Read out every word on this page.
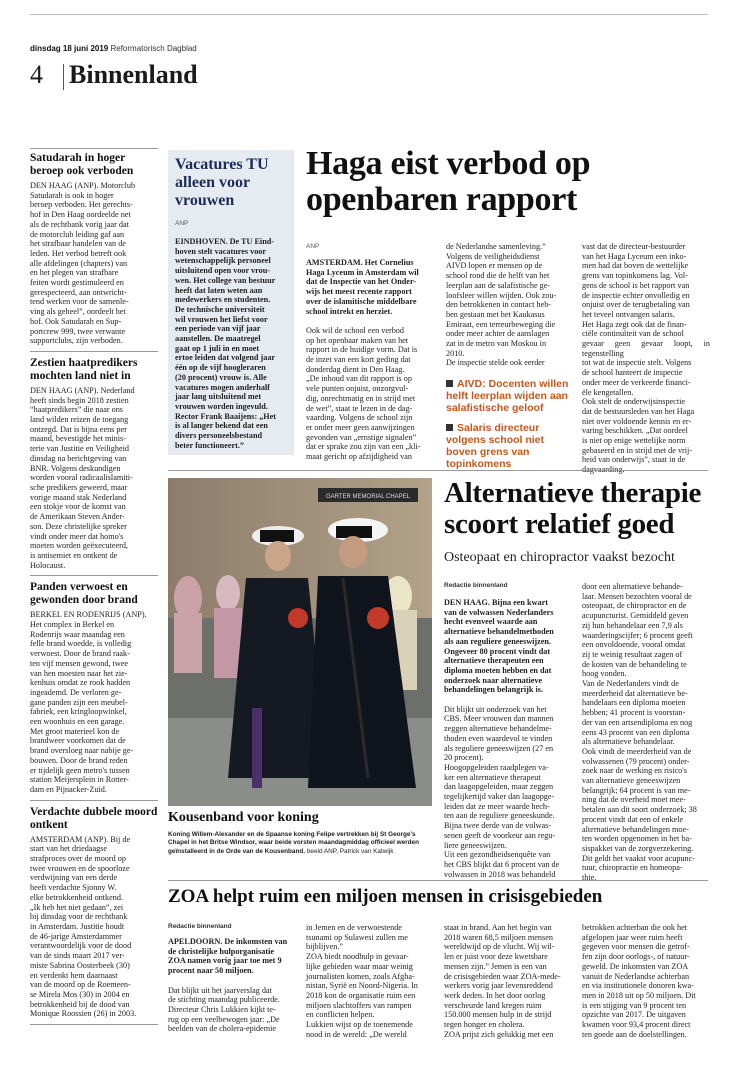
dinsdag 18 juni 2019 Reformatorisch Dagblad
4 Binnenland
Satudarah in hoger beroep ook verboden
DEN HAAG (ANP). Motorclub
Satudarah is ook in hoger
beroep verboden. Het gerechts-
hof in Den Haag oordeelde net
als de rechtbank vorig jaar dat
de motorclub leiding gaf aan
het strafbaar handelen van de
leden. Het verbod betreft ook
alle afdelingen (chapters) van
en het plegen van strafbare
feiten wordt gestimuleerd en
gerespecteerd, aan ontwricht-
tend werken voor de samenle-
ving als geheel”, oordeelt het
hof. Ook Satudarah en Sup-
portcrew 999, twee verwante
supportclubs, zijn verboden.
Zestien haatpredikers mochten land niet in
DEN HAAG (ANP). Nederland
heeft sinds begin 2018 zestien
“haatpredikers” die naar ons
land wilden reizen de toegang
ontzegd. Dat is bijna eens per
maand, bevestigde het minis-
terie van Justitie en Veiligheid
dinsdag na berichtgeving van
BNR. Volgens deskundigen
worden vooral radicaalislamiti-
sche predikers geweerd, maar
vorige maand stak Nederland
een stokje voor de komst van
de Amerikaan Steven Ander-
son. Deze christelijke spreker
vindt onder meer dat homo's
moeten worden geëxecuteerd,
is antisemiet en ontkent de
Holocaust.
Panden verwoest en gewonden door brand
BERKEL EN RODENRIJS (ANP).
Het complex in Berkel en
Rodenrijs waar maandag een
felle brand woedde, is volledig
verwoest. Door de brand raak-
ten vijf mensen gewond, twee
van hen moesten naar het zie-
kenhuis omdat ze rook hadden
ingeademd. De verloren ge-
gane panden zijn een meubel-
fabriek, een kringloopwinkel,
een woonhuis en een garage.
Met groot materieel kon de
brandweer voorkomen dat de
brand oversloeg naar nabije ge-
bouwen. Door de brand reden
er tijdelijk geen metro's tussen
station Meijersplein in Rotter-
dam en Pijnacker-Zuid.
Verdachte dubbele moord ontkent
AMSTERDAM (ANP). Bij de
start van het driedaagse
strafproces over de moord op
twee vrouwen en de spoorloze
verdwijning van een derde
heeft verdachte Sjonny W.
elke betrokkenheid ontkend.
„Ik heb het niet gedaan”, zei
bij dinsdag voor de rechtbank
in Amsterdam. Justitie houdt
de 46-jarige Amsterdammer
verantwoordelijk voor de dood
van de sinds maart 2017 ver-
miste Sabrina Oosterbeek (30)
en verdenkt hem daarnaast
van de moord op de Roemeen-
se Mirela Mos (30) in 2004 en
betrokkenheid bij de dood van
Monique Roossien (26) in 2003.
Vacatures TU alleen voor vrouwen
ANP
EINDHOVEN. De TU Eind-
hoven stelt vacatures voor
wetenschappelijk personeel
uitsluitend open voor vrou-
wen. Het college van bestuur
heeft dat laten weten aan
medewerkers en studenten.
De technische universiteit
wil vrouwen het liefst voor
een periode van vijf jaar
aanstellen. De maatregel
gaat op 1 juli in en moet
ertoe leiden dat volgend jaar
één op de vijf hoogleraren
(20 procent) vrouw is. Alle
vacatures mogen anderhalf
jaar lang uitsluitend met
vrouwen worden ingevuld.
Rector Frank Baaijens: „Het
is al langer bekend dat een
divers personeelsbestand
beter functioneert.”
Haga eist verbod op
openbaren rapport
ANP
AMSTERDAM. Het Cornelius
Haga Lyceum in Amsterdam wil
dat de Inspectie van het Onder-
wijs het meest recente rapport
over de islamitische middelbare
school intrekt en herziet.
Ook wil de school een verbod
op het openbaar maken van het
rapport in de huidige vorm. Dat is
de inzet van een kort geding dat
donderdag dient in Den Haag.
„De inhoud van dit rapport is op
vele punten onjuist, onzorgvul-
dig, onrechtmatig en in strijd met
de wet”, staat te lezen in de dag-
vaarding. Volgens de school zijn
er onder meer geen aanwijzingen
gevonden van „ernstige signalen”
dat er sprake zou zijn van een „kli-
maat gericht op afzijdigheid van
de Nederlandse samenleving.”
Volgens de veiligheidsdienst
AIVD lopen er mensen op de
school rond die de helft van het
leerplan aan de salafistische ge-
loofsleer willen wijden. Ook zou-
den betrokkenen in contact heb-
ben gestaan met het Kaukasus
Emiraat, een terreurbeweging die
onder meer achter de aanslagen
zat in de metro van Moskou in
2010.
De inspectie stelde ook eerder
AIVD: Docenten willen helft leerplan wijden aan salafistische geloof
Salaris directeur volgens school niet boven grens van topinkomens
vast dat de directeur-bestuurder
van het Haga Lyceum een inko-
men had dat boven de wettelijke
grens van topinkomens lag. Vol-
gens de school is het rapport van
de inspectie echter onvolledig en
onjuist over de terugbetaling van
het teveel ontvangen salaris.
Het Haga zegt ook dat de finan-
ciële continuïteit van de school
gevaar geen gevaar loopt, in tegenstelling
tot wat de inspectie stelt. Volgens
de school hanteert de inspectie
onder meer de verkeerde financi-
ële kengetallen.
Ook stelt de onderwijsinspectie
dat de bestuursleden van het Haga
niet over voldoende kennis en er-
varing beschikken. „Dat oordeel
is niet op enige wettelijke norm
gebaseerd en in strijd met de vrij-
heid van onderwijs”, staat in de
dagvaarding.
GARTER MEMORIAL CHAPEL
Kousenband voor koning
Koning Willem-Alexander en de Spaanse koning Felipe vertrekken bij St George's Chapel in het Britse Windsor, waar beide vorsten maandagmiddag officieel werden geïnstalleerd in de Orde van de Kousenband. beeld ANP, Patrick van Katwijk
Alternatieve therapie
scoort relatief goed
Osteopaat en chiropractor vaakst bezocht
Redactie binnenland
DEN HAAG. Bijna een kwart
van de volwassen Nederlanders
hecht evenveel waarde aan
alternatieve behandelmethoden
als aan reguliere geneeswijzen.
Ongeveer 80 procent vindt dat
alternatieve therapeuten een
diploma moeten hebben en dat
onderzoek naar alternatieve
behandelingen belangrijk is.
Dit blijkt uit onderzoek van het
CBS. Meer vrouwen dan mannen
zeggen alternatieve behandelme-
thoden even waardevol te vinden
als reguliere geneeswijzen (27 en
20 procent).
Hoogopgeleiden raadplegen va-
ker een alternatieve therapeut
dan laagopgeleiden, maar zeggen
tegelijkertijd vaker dan laagopge-
leiden dat ze meer waarde hech-
ten aan de reguliere geneeskunde.
Bijna twee derde van de volwas-
senen geeft de voorkeur aan regu-
liere geneeswijzen.
Uit een gezondheidsenquête van
het CBS blijkt dat 6 procent van de
volwassen in 2018 was behandeld
door een alternatieve behande-
laar. Mensen bezochten vooral de
osteopaat, de chiropractor en de
acupuncturist. Gemiddeld geven
zij hun behandelaar een 7,9 als
waarderingscijfer; 6 procent geeft
een onvoldoende, vooral omdat
zij te weinig resultaat zagen of
de kosten van de behandeling te
hoog vonden.
Van de Nederlanders vindt de
meerderheid dat alternatieve be-
handelaars een diploma moeten
hebben; 41 procent is voorstan-
der van een artsendiploma en nog
eens 43 procent van een diploma
als alternatieve behandelaar.
Ook vindt de meerderheid van de
volwassenen (79 procent) onder-
zoek naar de werking en risico's
van alternatieve geneeswijzen
belangrijk; 64 procent is van me-
ning dat de overheid moet mee-
betalen aan dit soort onderzoek; 38
procent vindt dat een of enkele
alternatieve behandelingen moe-
ten worden opgenomen in het ba-
sispakket van de zorgverzekering.
Dit geldt het vaakst voor acupunc-
tuur, chiropractie en homeopa-
thie.
ZOA helpt ruim een miljoen mensen in crisisgebieden
Redactie binnenland
APELDOORN. De inkomsten van
de christelijke hulporganisatie
ZOA namen vorig jaar toe met 9
procent naar 50 miljoen.
Dat blijkt uit het jaarverslag dat
de stichting maandag publiceerde.
Directeur Chris Lukkien kijkt te-
rug op een veelbewogen jaar: „De
beelden van de cholera-epidemie
in Jemen en de verwoestende
tsunami op Sulawesi zullen me
bijblijven.”
ZOA biedt noodhulp in gevaar-
lijke gebieden waar maar weinig
journalisten komen, zoals Afgha-
nistan, Syrië en Noord-Nigeria. In
2018 kon de organisatie ruim een
miljoen slachtoffers van rampen
en conflicten helpen.
Lukkien wijst op de toenemende
nood in de wereld: „De wereld
staat in brand. Aan het begin van
2018 waren 68,5 miljoen mensen
wereldwijd op de vlucht. Wij wil-
len er juist voor deze kwetsbare
mensen zijn.” Jemen is een van
de crisisgebieden waar ZOA-mede-
werkers vorig jaar levensreddend
werk deden. In het door oorlog
verscheurde land kregen ruim
150.000 mensen hulp in de strijd
tegen honger en cholera.
ZOA prijst zich gelukkig met een
betrokken achterban die ook het
afgelopen jaar weer ruim heeft
gegeven voor mensen die getrof-
fen zijn door oorlogs-, of natuur-
geweld. De inkomsten van ZOA
vanuit de Nederlandse achterban
en via institutionele donoren kwa-
men in 2018 uit op 50 miljoen. Dit
is een stijging van 9 procent ten
opzichte van 2017. De uitgaven
kwamen voor 93,4 procent direct
ten goede aan de doelstellingen.
